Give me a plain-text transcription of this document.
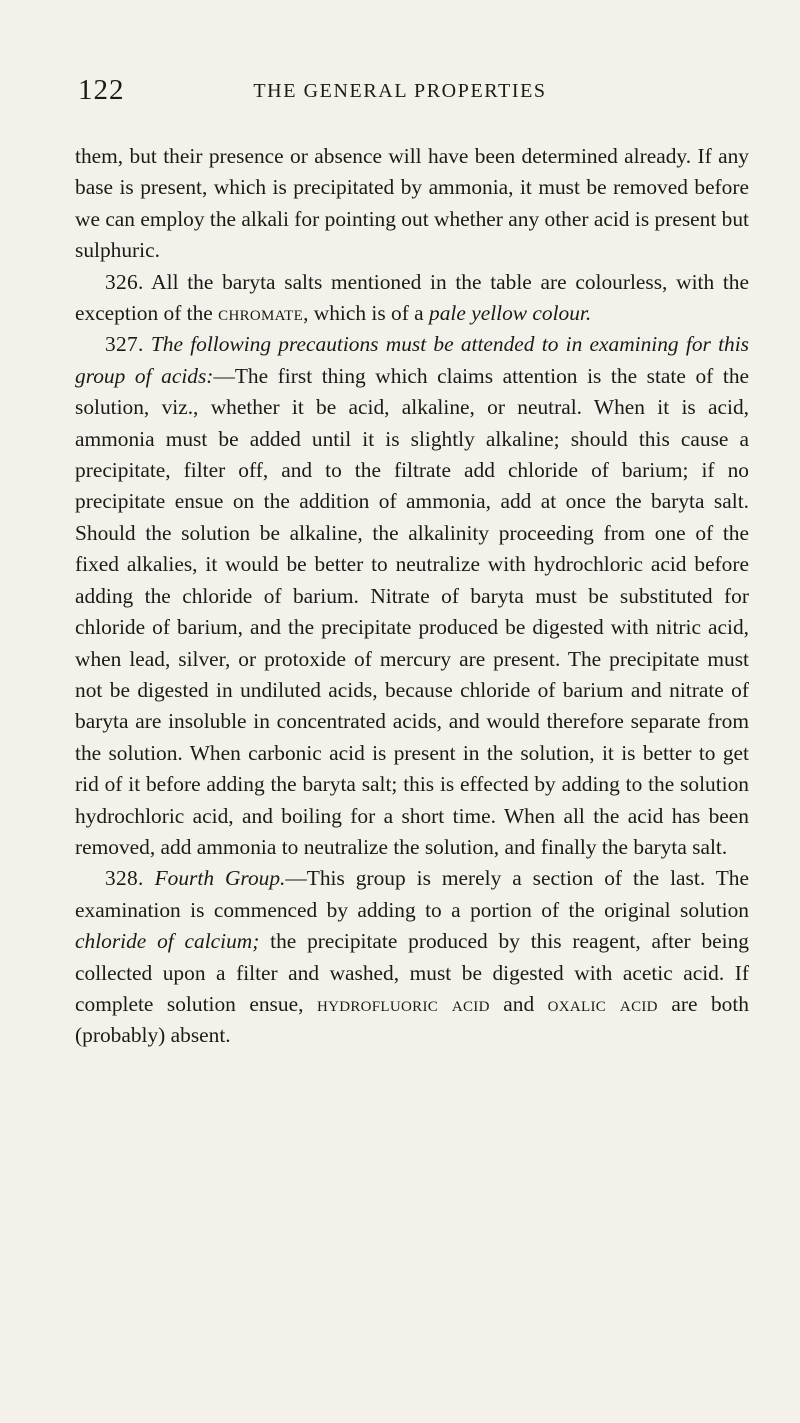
122	THE GENERAL PROPERTIES

them, but their presence or absence will have been determined already. If any base is present, which is precipitated by ammonia, it must be removed before we can employ the alkali for pointing out whether any other acid is present but sulphuric.

326. All the baryta salts mentioned in the table are colourless, with the exception of the chromate, which is of a pale yellow colour.

327. The following precautions must be attended to in examining for this group of acids:—The first thing which claims attention is the state of the solution, viz., whether it be acid, alkaline, or neutral. When it is acid, ammonia must be added until it is slightly alkaline; should this cause a precipitate, filter off, and to the filtrate add chloride of barium; if no precipitate ensue on the addition of ammonia, add at once the baryta salt. Should the solution be alkaline, the alkalinity proceeding from one of the fixed alkalies, it would be better to neutralize with hydrochloric acid before adding the chloride of barium. Nitrate of baryta must be substituted for chloride of barium, and the precipitate produced be digested with nitric acid, when lead, silver, or protoxide of mercury are present. The precipitate must not be digested in undiluted acids, because chloride of barium and nitrate of baryta are insoluble in concentrated acids, and would therefore separate from the solution. When carbonic acid is present in the solution, it is better to get rid of it before adding the baryta salt; this is effected by adding to the solution hydrochloric acid, and boiling for a short time. When all the acid has been removed, add ammonia to neutralize the solution, and finally the baryta salt.

328. Fourth Group.—This group is merely a section of the last. The examination is commenced by adding to a portion of the original solution chloride of calcium; the precipitate produced by this reagent, after being collected upon a filter and washed, must be digested with acetic acid. If complete solution ensue, hydrofluoric acid and oxalic acid are both (probably) absent.
